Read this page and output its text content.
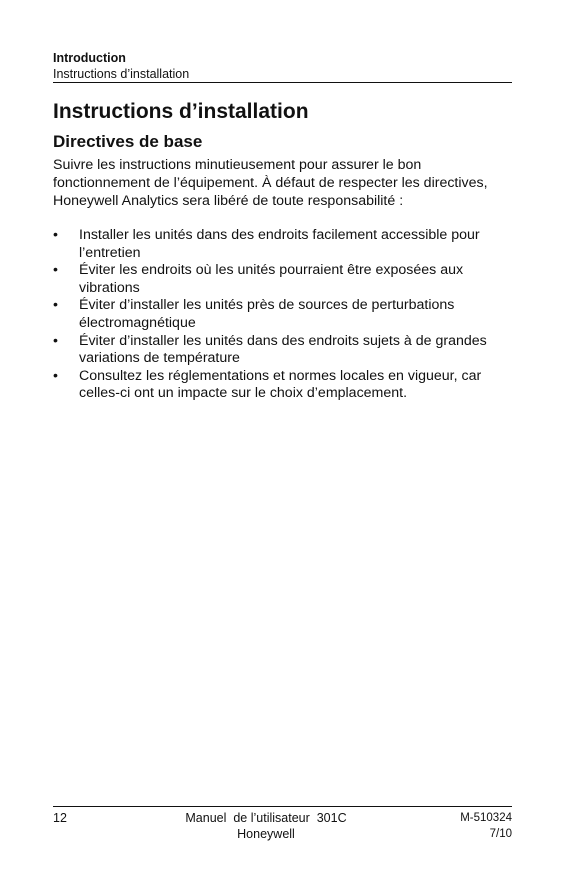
Introduction
Instructions d’installation
Instructions d’installation
Directives de base

Suivre les instructions minutieusement pour assurer le bon fonctionnement de l’équipement. À défaut de respecter les directives, Honeywell Analytics sera libéré de toute responsabilité :

• Installer les unités dans des endroits facilement accessible pour l’entretien
• Éviter les endroits où les unités pourraient être exposées aux vibrations
• Éviter d’installer les unités près de sources de perturbations électromagnétique
• Éviter d’installer les unités dans des endroits sujets à de grandes variations de température
• Consultez les réglementations et normes locales en vigueur, car celles-ci ont un impacte sur le choix d’emplacement.
12	Manuel  de l’utilisateur  301C
Honeywell
M-510324
7/10
